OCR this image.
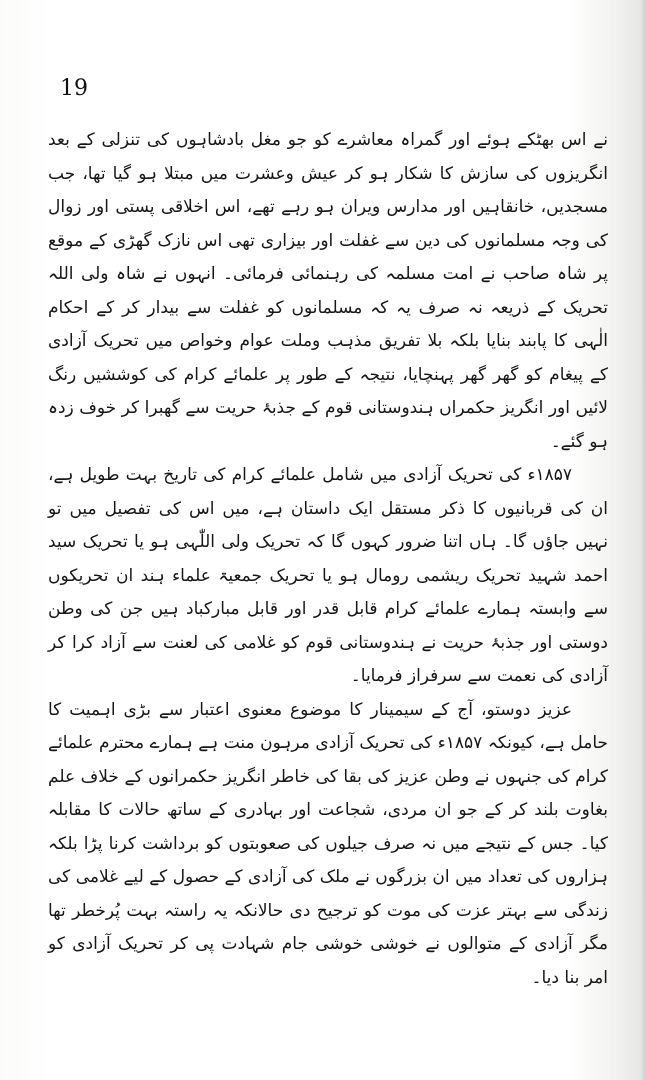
19

نے اس بھٹکے ہوئے اور گمراہ معاشرے کو جو مغل بادشاہوں کی تنزلی کے بعد انگریزوں کی سازش کا شکار ہو کر عیش وعشرت میں مبتلا ہو گیا تھا، جب مسجدیں، خانقاہیں اور مدارس ویران ہو رہے تھے، اس اخلاقی پستی اور زوال کی وجہ مسلمانوں کی دین سے غفلت اور بیزاری تھی اس نازک گھڑی کے موقع پر شاہ صاحب نے امت مسلمہ کی رہنمائی فرمائی۔ انہوں نے شاہ ولی اللہ تحریک کے ذریعہ نہ صرف یہ کہ مسلمانوں کو غفلت سے بیدار کر کے احکام الٰہی کا پابند بنایا بلکہ بلا تفریق مذہب وملت عوام وخواص میں تحریک آزادی کے پیغام کو گھر گھر پہنچایا، نتیجہ کے طور پر علمائے کرام کی کوششیں رنگ لائیں اور انگریز حکمراں ہندوستانی قوم کے جذبۂ حریت سے گھبرا کر خوف زدہ ہو گئے۔

۱۸۵۷ء کی تحریک آزادی میں شامل علمائے کرام کی تاریخ بہت طویل ہے، ان کی قربانیوں کا ذکر مستقل ایک داستان ہے، میں اس کی تفصیل میں تو نہیں جاؤں گا۔ ہاں اتنا ضرور کہوں گا کہ تحریک ولی اللّٰہی ہو یا تحریک سید احمد شہید تحریک ریشمی رومال ہو یا تحریک جمعیۃ علماء ہند ان تحریکوں سے وابستہ ہمارے علمائے کرام قابل قدر اور قابل مبارکباد ہیں جن کی وطن دوستی اور جذبۂ حریت نے ہندوستانی قوم کو غلامی کی لعنت سے آزاد کرا کر آزادی کی نعمت سے سرفراز فرمایا۔

عزیز دوستو، آج کے سیمینار کا موضوع معنوی اعتبار سے بڑی اہمیت کا حامل ہے، کیونکہ ۱۸۵۷ء کی تحریک آزادی مرہون منت ہے ہمارے محترم علمائے کرام کی جنہوں نے وطن عزیز کی بقا کی خاطر انگریز حکمرانوں کے خلاف علم بغاوت بلند کر کے جو ان مردی، شجاعت اور بہادری کے ساتھ حالات کا مقابلہ کیا۔ جس کے نتیجے میں نہ صرف جیلوں کی صعوبتوں کو برداشت کرنا پڑا بلکہ ہزاروں کی تعداد میں ان بزرگوں نے ملک کی آزادی کے حصول کے لیے غلامی کی زندگی سے بہتر عزت کی موت کو ترجیح دی حالانکہ یہ راستہ بہت پُرخطر تھا مگر آزادی کے متوالوں نے خوشی خوشی جام شہادت پی کر تحریک آزادی کو امر بنا دیا۔
